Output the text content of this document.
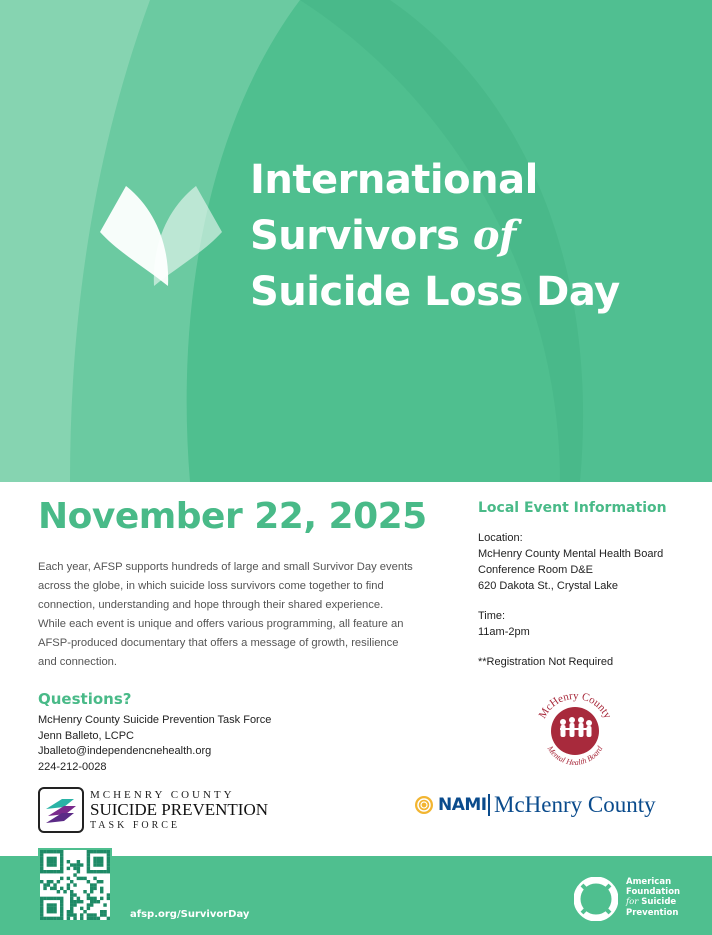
International
Survivors of
Suicide Loss Day
November 22, 2025

Each year, AFSP supports hundreds of large and small Survivor Day events across the globe, in which suicide loss survivors come together to find connection, understanding and hope through their shared experience. While each event is unique and offers various programming, all feature an AFSP-produced documentary that offers a message of growth, resilience and connection.

Questions?
McHenry County Suicide Prevention Task Force
Jenn Balleto, LCPC
Jballeto@independencnehealth.org
224-212-0028
MCHENRY COUNTY
SUICIDE PREVENTION
TASK FORCE
Local Event Information
Location:
McHenry County Mental Health Board
Conference Room D&E
620 Dakota St., Crystal Lake
Time:
11am-2pm
**Registration Not Required
McHenry County
Mental Health Board
NAMI McHenry County
afsp.org/SurvivorDay
American
Foundation
for Suicide
Prevention
